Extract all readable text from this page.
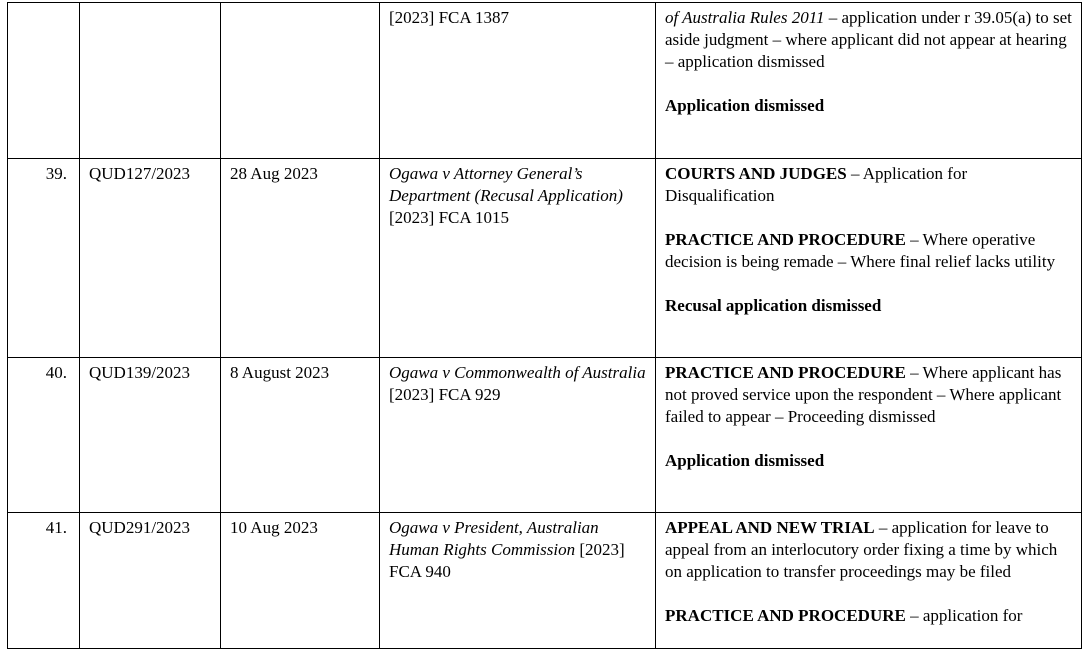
			[2023] FCA 1387	of Australia Rules 2011 – application under r 39.05(a) to set
aside judgment – where applicant did not appear at hearing – application dismissed

Application dismissed

39.	QUD127/2023	28 Aug 2023	Ogawa v Attorney General’s Department (Recusal Application) [2023] FCA 1015	COURTS AND JUDGES – Application for Disqualification

PRACTICE AND PROCEDURE – Where operative decision is being remade – Where final relief lacks utility

Recusal application dismissed

40.	QUD139/2023	8 August 2023	Ogawa v Commonwealth of Australia [2023] FCA 929	PRACTICE AND PROCEDURE – Where applicant has not proved service upon the respondent – Where applicant failed to appear – Proceeding dismissed

Application dismissed

41.	QUD291/2023	10 Aug 2023	Ogawa v President, Australian Human Rights Commission [2023] FCA 940	APPEAL AND NEW TRIAL – application for leave to appeal from an interlocutory order fixing a time by which on application to transfer proceedings may be filed

PRACTICE AND PROCEDURE – application for
